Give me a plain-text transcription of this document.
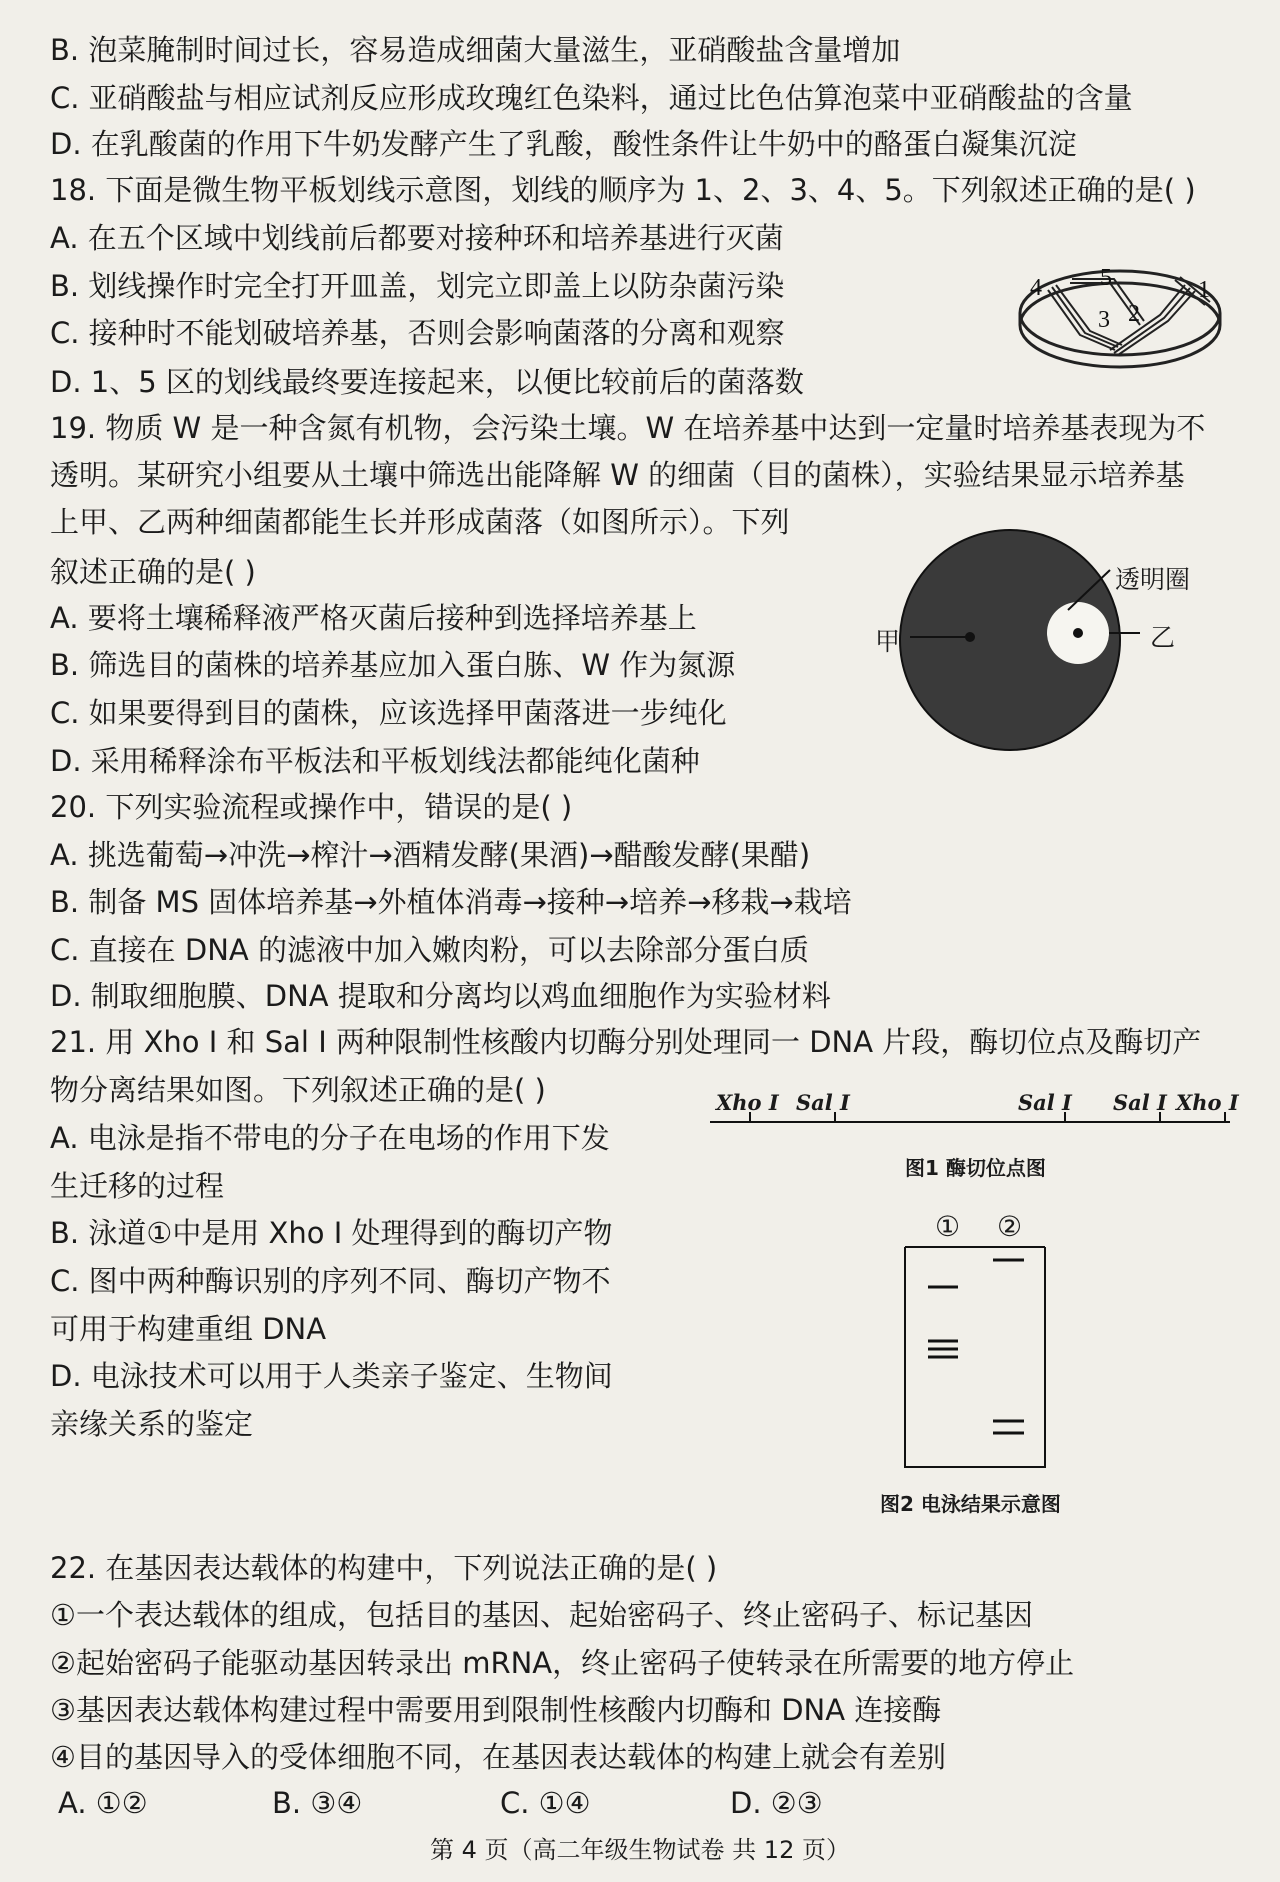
B. 泡菜腌制时间过长，容易造成细菌大量滋生，亚硝酸盐含量增加
C. 亚硝酸盐与相应试剂反应形成玫瑰红色染料，通过比色估算泡菜中亚硝酸盐的含量
D. 在乳酸菌的作用下牛奶发酵产生了乳酸，酸性条件让牛奶中的酪蛋白凝集沉淀
18. 下面是微生物平板划线示意图，划线的顺序为 1、2、3、4、5。下列叙述正确的是( )
A. 在五个区域中划线前后都要对接种环和培养基进行灭菌
B. 划线操作时完全打开皿盖，划完立即盖上以防杂菌污染
C. 接种时不能划破培养基，否则会影响菌落的分离和观察
D. 1、5 区的划线最终要连接起来，以便比较前后的菌落数
4 5	1
3 2
19. 物质 W 是一种含氮有机物，会污染土壤。W 在培养基中达到一定量时培养基表现为不
透明。某研究小组要从土壤中筛选出能降解 W 的细菌（目的菌株），实验结果显示培养基
上甲、乙两种细菌都能生长并形成菌落（如图所示）。下列
叙述正确的是( )
A. 要将土壤稀释液严格灭菌后接种到选择培养基上
B. 筛选目的菌株的培养基应加入蛋白胨、W 作为氮源
C. 如果要得到目的菌株，应该选择甲菌落进一步纯化
D. 采用稀释涂布平板法和平板划线法都能纯化菌种
甲	乙
透明圈
20. 下列实验流程或操作中，错误的是( )
A. 挑选葡萄→冲洗→榨汁→酒精发酵(果酒)→醋酸发酵(果醋)
B. 制备 MS 固体培养基→外植体消毒→接种→培养→移栽→栽培
C. 直接在 DNA 的滤液中加入嫩肉粉，可以去除部分蛋白质
D. 制取细胞膜、DNA 提取和分离均以鸡血细胞作为实验材料
21. 用 Xho Ⅰ 和 Sal Ⅰ 两种限制性核酸内切酶分别处理同一 DNA 片段，酶切位点及酶切产
物分离结果如图。下列叙述正确的是( )
A. 电泳是指不带电的分子在电场的作用下发
生迁移的过程
B. 泳道①中是用 Xho Ⅰ 处理得到的酶切产物
C. 图中两种酶识别的序列不同、酶切产物不
可用于构建重组 DNA
D. 电泳技术可以用于人类亲子鉴定、生物间
亲缘关系的鉴定
Xho Ⅰ Sal Ⅰ	Sal Ⅰ Sal Ⅰ Xho Ⅰ
图1 酶切位点图
① ②
图2 电泳结果示意图
22. 在基因表达载体的构建中，下列说法正确的是( )
①一个表达载体的组成，包括目的基因、起始密码子、终止密码子、标记基因
②起始密码子能驱动基因转录出 mRNA，终止密码子使转录在所需要的地方停止
③基因表达载体构建过程中需要用到限制性核酸内切酶和 DNA 连接酶
④目的基因导入的受体细胞不同，在基因表达载体的构建上就会有差别
A. ①②	B. ③④	C. ①④	D. ②③
第 4 页（高二年级生物试卷 共 12 页）
